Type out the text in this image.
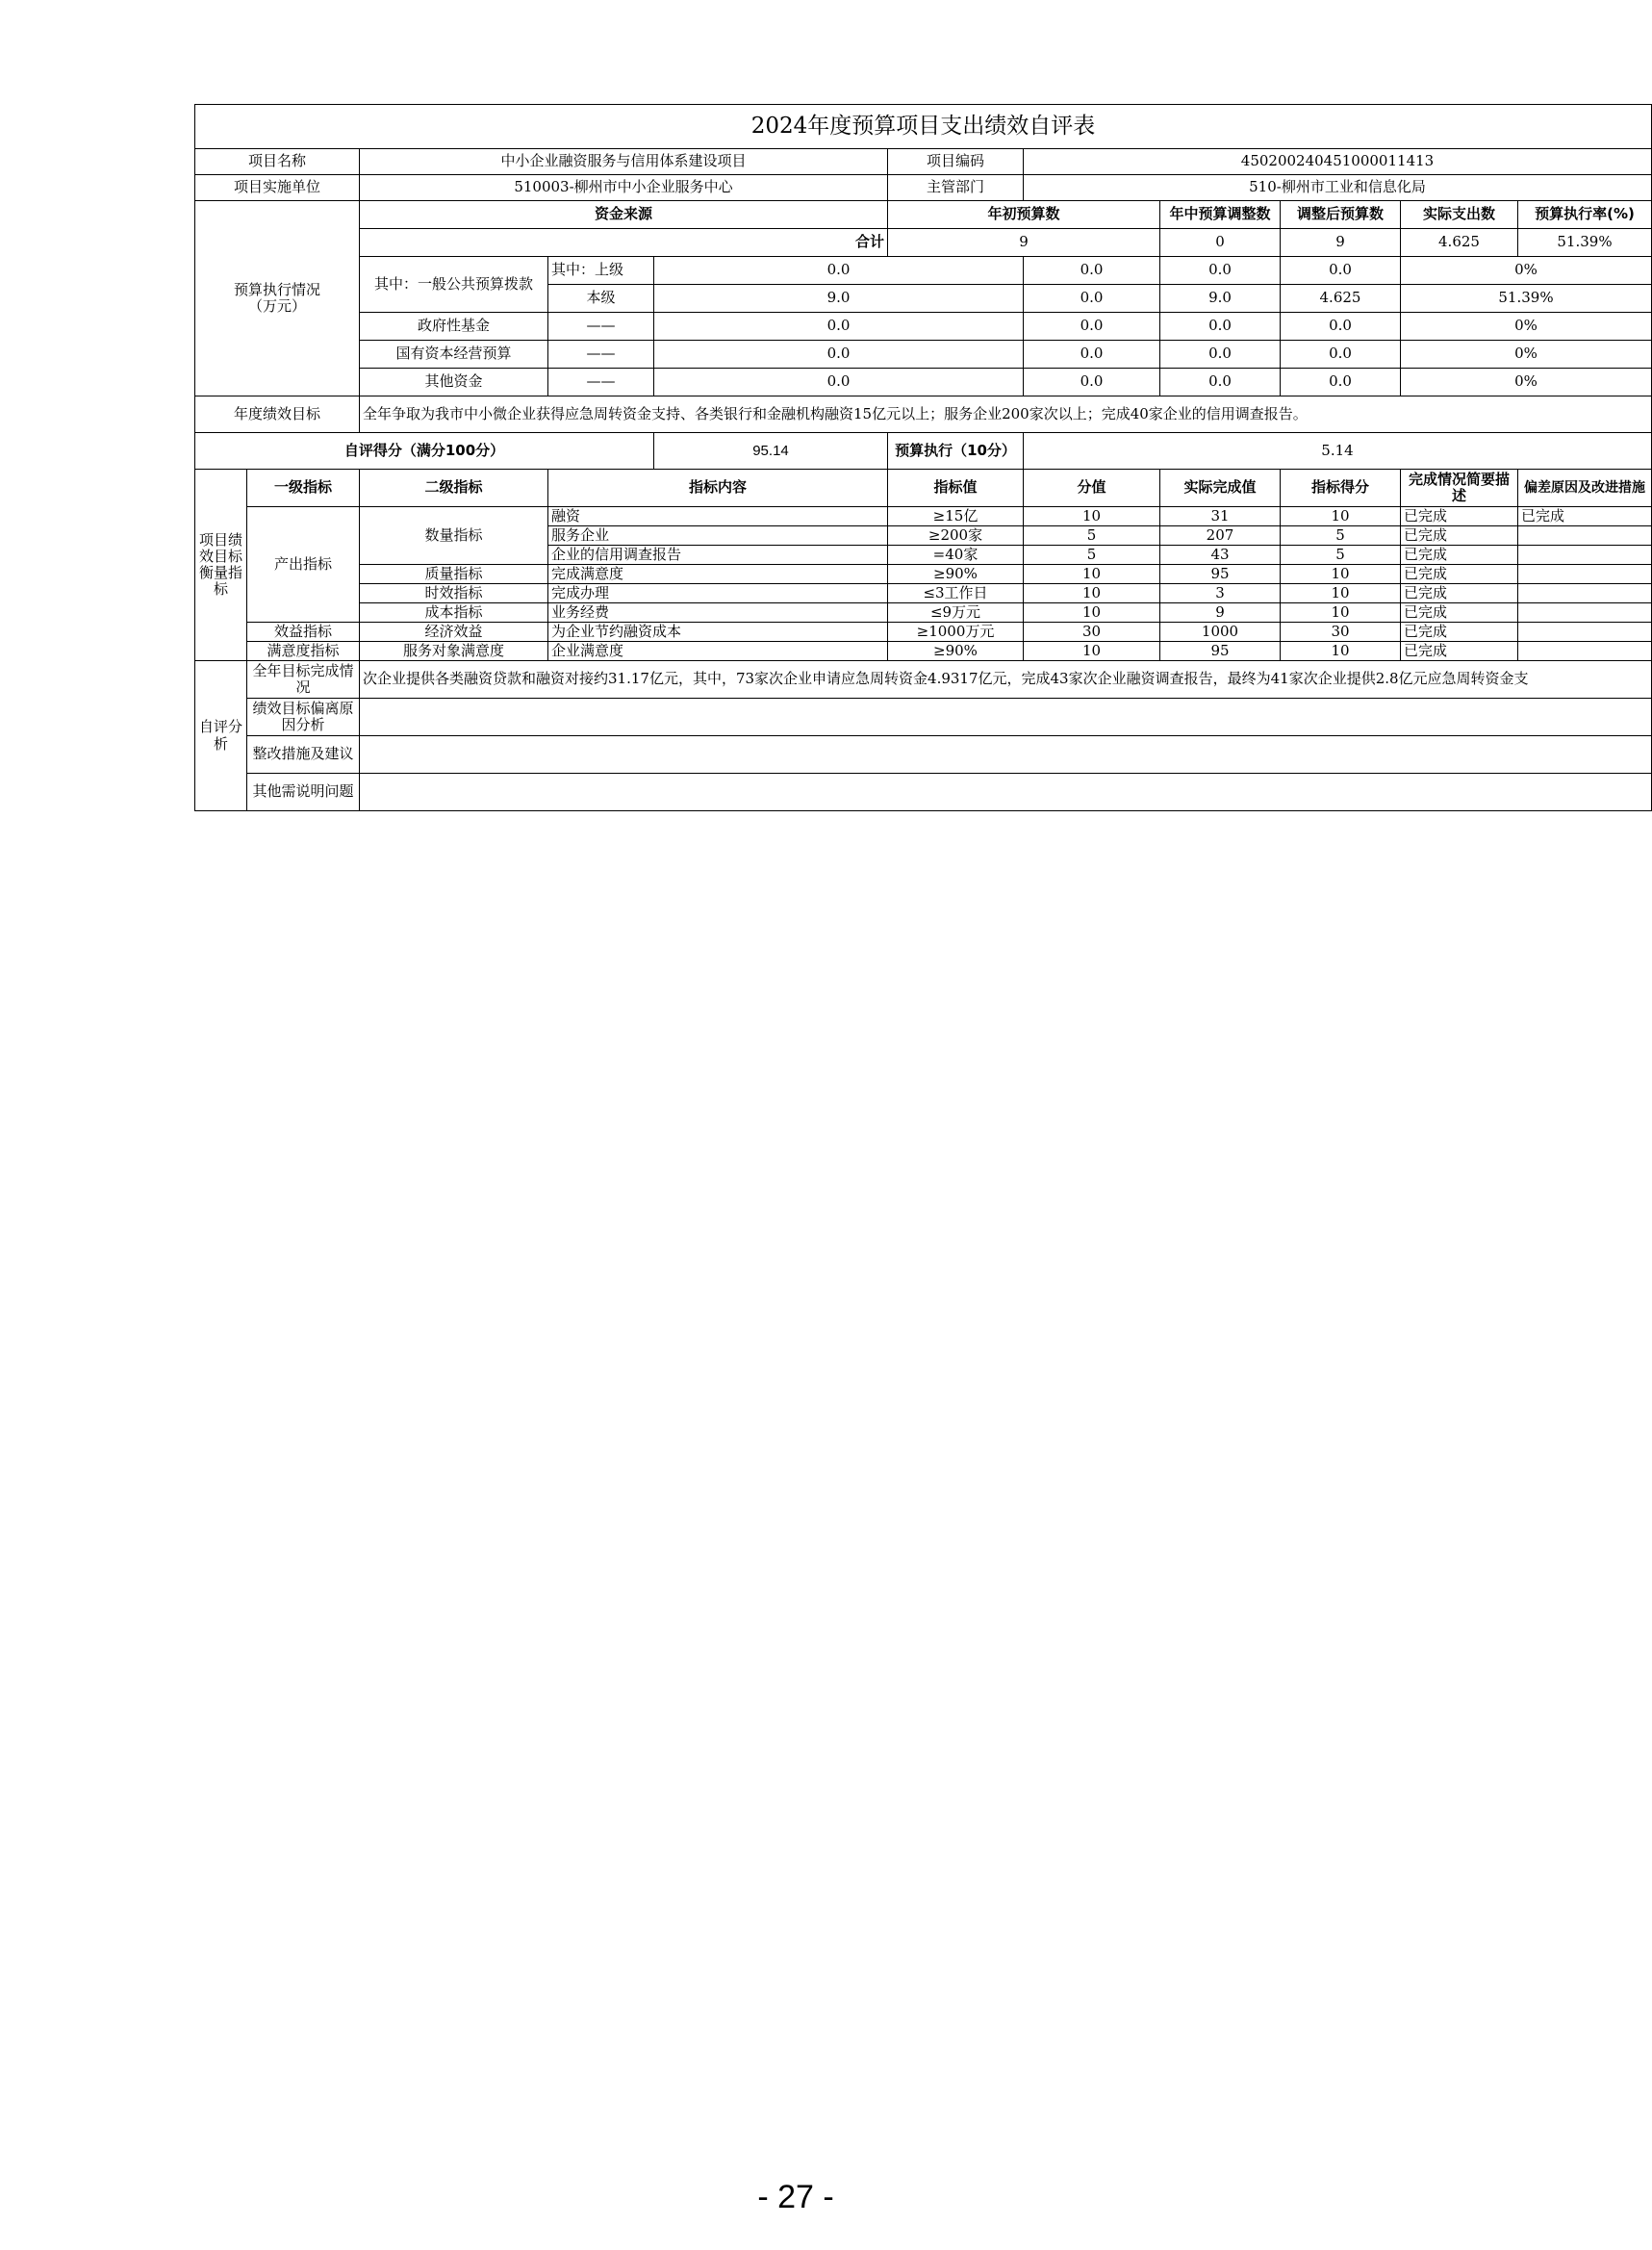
2024年度预算项目支出绩效自评表										
项目名称		中小企业融资服务与信用体系建设项目			项目编码	450200240451000011413				
项目实施单位		510003-柳州市中小企业服务中心			主管部门	510-柳州市工业和信息化局				
预算执行情况
（万元）		资金来源			年初预算数		年中预算调整数	调整后预算数	实际支出数	预算执行率(%)
		合计			9		0	9	4.625	51.39%
		其中：一般公共预算拨款	其中：上级	0.0		0.0	0.0	0.0	0%	
			本级	9.0		0.0	9.0	4.625	51.39%	
		政府性基金	——	0.0		0.0	0.0	0.0	0%	
		国有资本经营预算	——	0.0		0.0	0.0	0.0	0%	
		其他资金	——	0.0		0.0	0.0	0.0	0%	
年度绩效目标		全年争取为我市中小微企业获得应急周转资金支持、各类银行和金融机构融资15亿元以上；服务企业200家次以上；完成40家企业的信用调查报告。								
自评得分（满分100分）				95.14	预算执行（10分）	5.14				
项目绩
效目标
衡量指
标	一级指标	二级指标	指标内容		指标值	分值	实际完成值	指标得分	完成情况简要描述	偏差原因及改进措施
	产出指标	数量指标	融资		≥15亿	10	31	10	已完成	已完成
			服务企业		≥200家	5	207	5	已完成	
			企业的信用调查报告		=40家	5	43	5	已完成	
		质量指标	完成满意度		≥90%	10	95	10	已完成	
		时效指标	完成办理		≤3工作日	10	3	10	已完成	
		成本指标	业务经费		≤9万元	10	9	10	已完成	
	效益指标	经济效益	为企业节约融资成本		≥1000万元	30	1000	30	已完成	
	满意度指标	服务对象满意度	企业满意度		≥90%	10	95	10	已完成	
自评分
析	全年目标完成情况	次企业提供各类融资贷款和融资对接约31.17亿元，其中，73家次企业申请应急周转资金4.9317亿元，完成43家次企业融资调查报告，最终为41家次企业提供2.8亿元应急周转资金支								
	绩效目标偏离原因分析									
	整改措施及建议									
	其他需说明问题									
- 27 -
